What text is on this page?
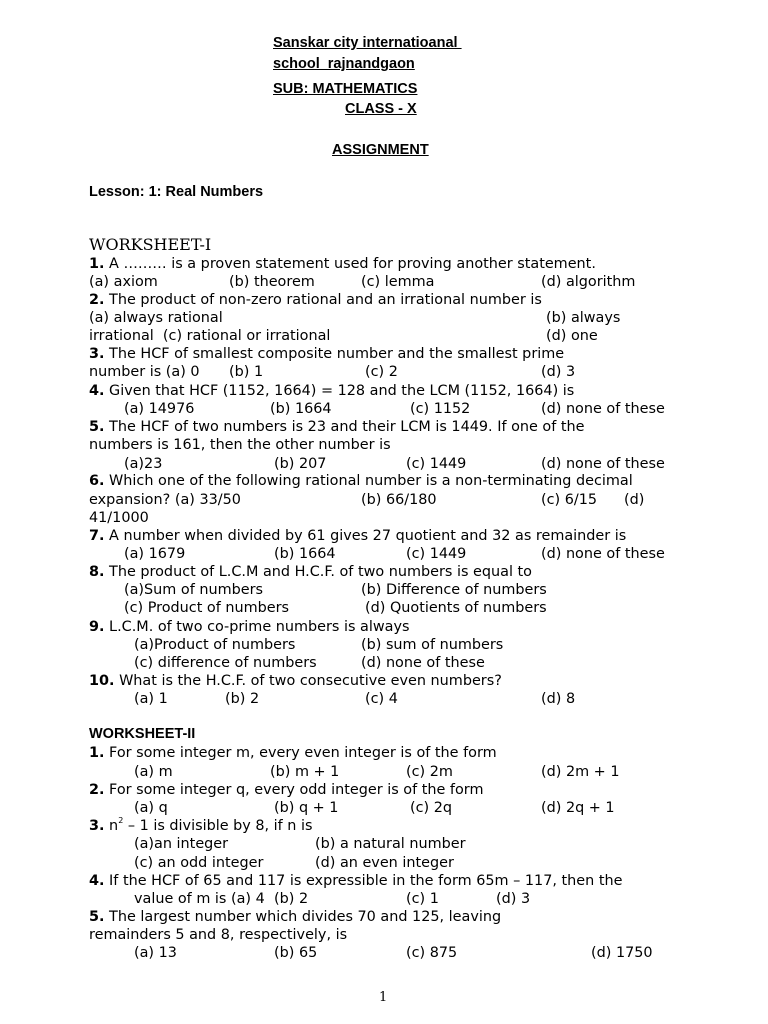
Sanskar city internatioanal
school  rajnandgaon
SUB: MATHEMATICS
CLASS - X
ASSIGNMENT
Lesson: 1: Real Numbers
WORKSHEET-I
1. A ……… is a proven statement used for proving another statement.
(a) axiom	(b) theorem	(c) lemma	(d) algorithm
2. The product of non-zero rational and an irrational number is
(a) always rational	(b) always
irrational  (c) rational or irrational	(d) one
3. The HCF of smallest composite number and the smallest prime
number is (a) 0 (b) 1	(c) 2	(d) 3
4. Given that HCF (1152, 1664) = 128 and the LCM (1152, 1664) is
(a) 14976	(b) 1664	(c) 1152	(d) none of these
5. The HCF of two numbers is 23 and their LCM is 1449. If one of the
numbers is 161, then the other number is
(a)23	(b) 207	(c) 1449	(d) none of these
6. Which one of the following rational number is a non-terminating decimal
expansion? (a) 33/50	(b) 66/180	(c) 6/15 (d)
41/1000
7. A number when divided by 61 gives 27 quotient and 32 as remainder is
(a) 1679	(b) 1664	(c) 1449	(d) none of these
8. The product of L.C.M and H.C.F. of two numbers is equal to
(a)Sum of numbers	(b) Difference of numbers
(c) Product of numbers	(d) Quotients of numbers
9. L.C.M. of two co-prime numbers is always
(a)Product of numbers	(b) sum of numbers
(c) difference of numbers	(d) none of these
10. What is the H.C.F. of two consecutive even numbers?
(a) 1	(b) 2	(c) 4	(d) 8
WORKSHEET-II
1. For some integer m, every even integer is of the form
(a) m	(b) m + 1	(c) 2m	(d) 2m + 1
2. For some integer q, every odd integer is of the form
(a) q	(b) q + 1	(c) 2q	(d) 2q + 1
3. $n^2 - 1$ is divisible by 8, if n is
(a)an integer	(b) a natural number
(c) an odd integer	(d) an even integer
4. If the HCF of 65 and 117 is expressible in the form 65m – 117, then the
value of m is (a) 4 (b) 2	(c) 1	(d) 3
5. The largest number which divides 70 and 125, leaving
remainders 5 and 8, respectively, is
(a) 13	(b) 65	(c) 875	(d) 1750
1
